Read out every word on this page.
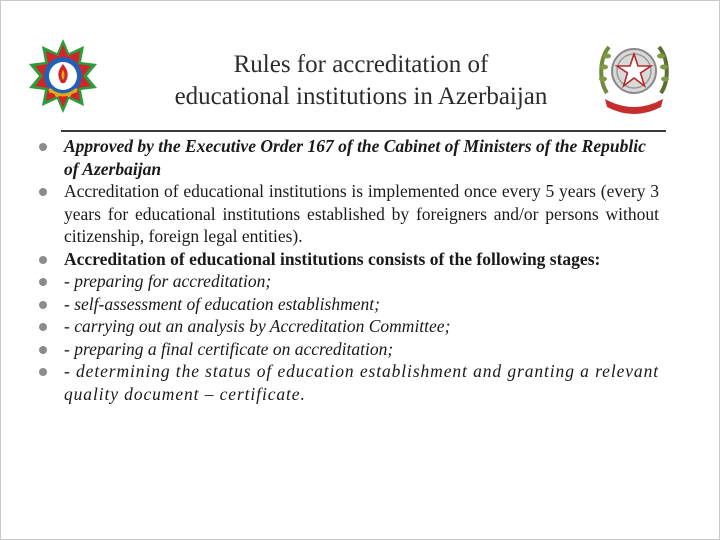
Rules for accreditation of
educational institutions in Azerbaijan
Approved by the Executive Order 167 of the Cabinet of Ministers of the Republic of Azerbaijan
Accreditation of educational institutions is implemented once every 5 years (every 3 years for educational institutions established by foreigners and/or persons without citizenship, foreign legal entities).
Accreditation of educational institutions consists of the following stages:
- preparing for accreditation;
- self-assessment of education establishment;
- carrying out an analysis by Accreditation Committee;
- preparing a final certificate on accreditation;
- determining the status of education establishment and granting a relevant quality document – certificate.
